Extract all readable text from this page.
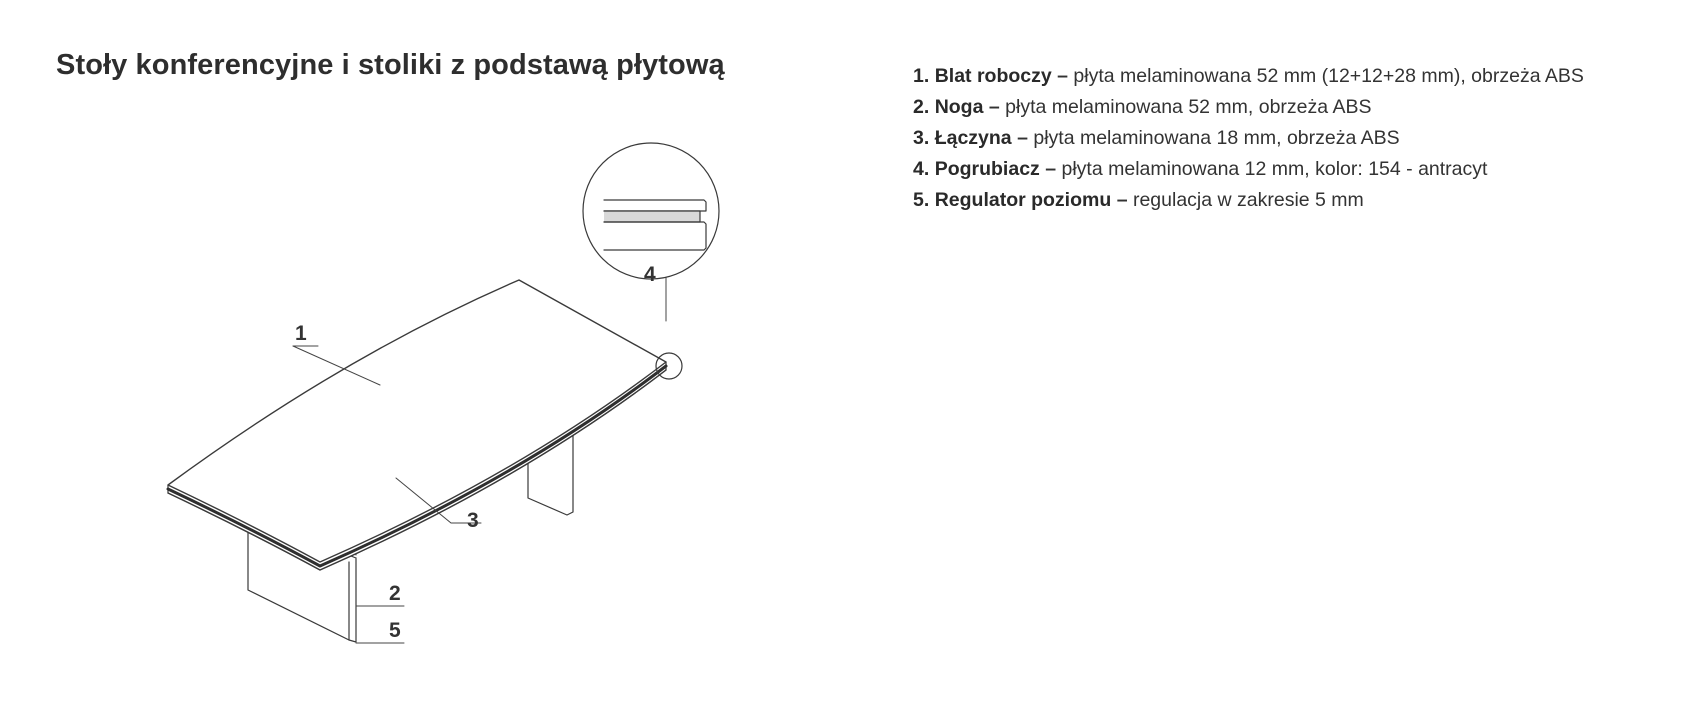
Stoły konferencyjne i stoliki z podstawą płytową	1. Blat roboczy – płyta melaminowana 52 mm (12+12+28 mm), obrzeża ABS
2. Noga – płyta melaminowana 52 mm, obrzeża ABS
3. Łączyna – płyta melaminowana 18 mm, obrzeża ABS
4. Pogrubiacz – płyta melaminowana 12 mm, kolor: 154 - antracyt
5. Regulator poziomu – regulacja w zakresie 5 mm
1
2
3
4
5
